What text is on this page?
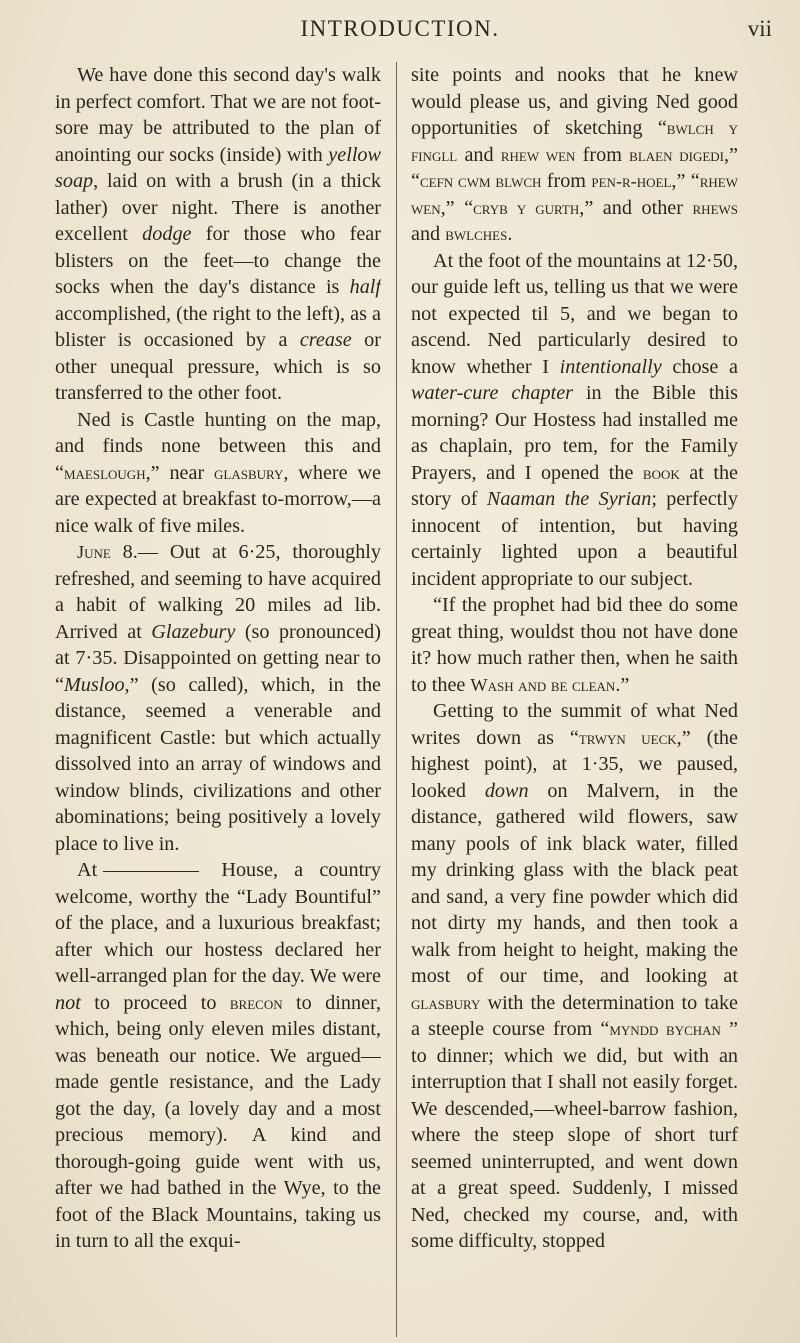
INTRODUCTION.	vii

We have done this second day's walk in perfect comfort. That we are not foot-sore may be attributed to the plan of anointing our socks (inside) with yellow soap, laid on with a brush (in a thick lather) over night. There is another excellent dodge for those who fear blisters on the feet—to change the socks when the day's distance is half accomplished, (the right to the left), as a blister is occasioned by a crease or other unequal pressure, which is so transferred to the other foot.

Ned is Castle hunting on the map, and finds none between this and “maeslough,” near glasbury, where we are expected at breakfast to-morrow,—a nice walk of five miles.

June 8.— Out at 6·25, thoroughly refreshed, and seeming to have acquired a habit of walking 20 miles ad lib. Arrived at Glazebury (so pronounced) at 7·35. Disappointed on getting near to “Musloo,” (so called), which, in the distance, seemed a venerable and magnificent Castle: but which actually dissolved into an array of windows and window blinds, civilizations and other abominations; being positively a lovely place to live in.

At	House, a country welcome, worthy the “Lady Bountiful” of the place, and a luxurious breakfast; after which our hostess declared her well-arranged plan for the day. We were not to proceed to brecon to dinner, which, being only eleven miles distant, was beneath our notice. We argued—made gentle resistance, and the Lady got the day, (a lovely day and a most precious memory). A kind and thorough-going guide went with us, after we had bathed in the Wye, to the foot of the Black Mountains, taking us in turn to all the exqui-

site points and nooks that he knew would please us, and giving Ned good opportunities of sketching “bwlch y fingll and rhew wen from blaen digedi,” “cefn cwm blwch from pen-r-hoel,” “rhew wen,” “cryb y gurth,” and other rhews and bwlches.

At the foot of the mountains at 12·50, our guide left us, telling us that we were not expected til 5, and we began to ascend. Ned particularly desired to know whether I intentionally chose a water-cure chapter in the Bible this morning? Our Hostess had installed me as chaplain, pro tem, for the Family Prayers, and I opened the book at the story of Naaman the Syrian; perfectly innocent of intention, but having certainly lighted upon a beautiful incident appropriate to our subject.

“If the prophet had bid thee do some great thing, wouldst thou not have done it? how much rather then, when he saith to thee Wash and be clean.”

Getting to the summit of what Ned writes down as “trwyn ueck,” (the highest point), at 1·35, we paused, looked down on Malvern, in the distance, gathered wild flowers, saw many pools of ink black water, filled my drinking glass with the black peat and sand, a very fine powder which did not dirty my hands, and then took a walk from height to height, making the most of our time, and looking at glasbury with the determination to take a steeple course from “myndd bychan ” to dinner; which we did, but with an interruption that I shall not easily forget. We descended,—wheel-barrow fashion, where the steep slope of short turf seemed uninterrupted, and went down at a great speed. Suddenly, I missed Ned, checked my course, and, with some difficulty, stopped
